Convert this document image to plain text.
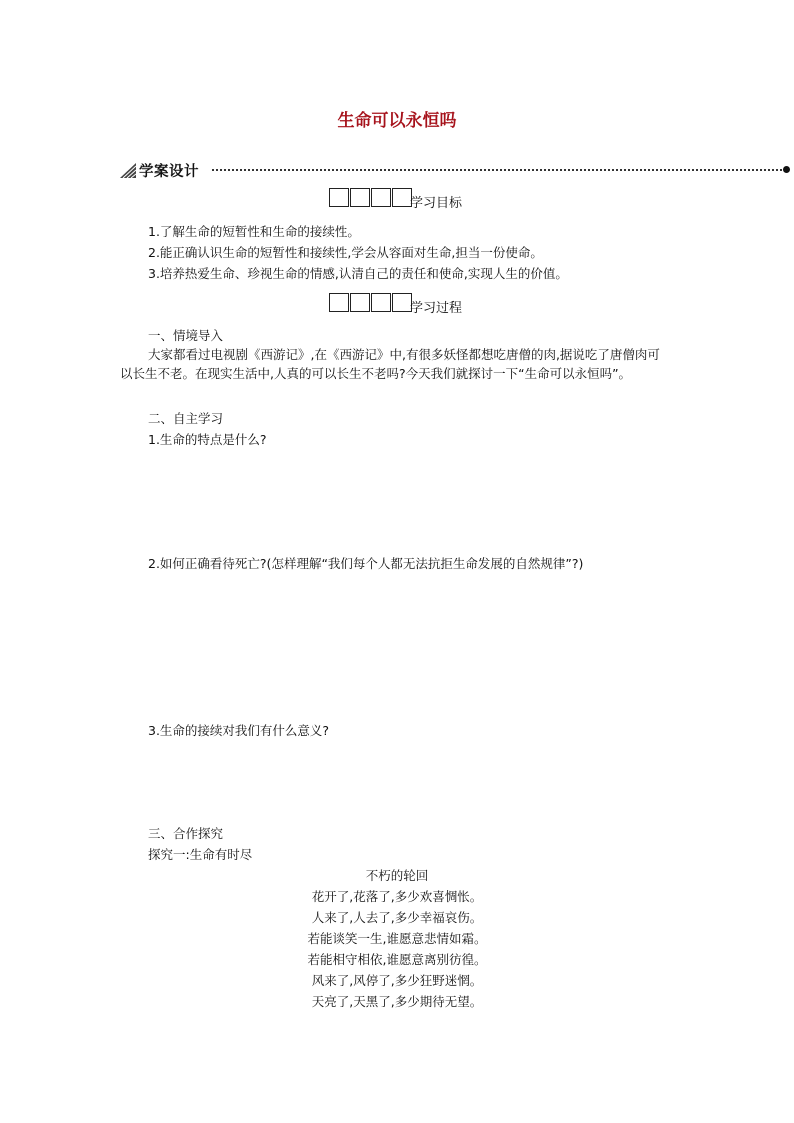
生命可以永恒吗
学案设计
学习目标
1.了解生命的短暂性和生命的接续性。
2.能正确认识生命的短暂性和接续性,学会从容面对生命,担当一份使命。
3.培养热爱生命、珍视生命的情感,认清自己的责任和使命,实现人生的价值。
学习过程
一、情境导入
大家都看过电视剧《西游记》,在《西游记》中,有很多妖怪都想吃唐僧的肉,据说吃了唐僧肉可以长生不老。在现实生活中,人真的可以长生不老吗?今天我们就探讨一下“生命可以永恒吗”。
二、自主学习
1.生命的特点是什么?
2.如何正确看待死亡?(怎样理解“我们每个人都无法抗拒生命发展的自然规律”?)
3.生命的接续对我们有什么意义?
三、合作探究
探究一:生命有时尽
不朽的轮回
花开了,花落了,多少欢喜惆怅。
人来了,人去了,多少幸福哀伤。
若能谈笑一生,谁愿意悲情如霜。
若能相守相依,谁愿意离别彷徨。
风来了,风停了,多少狂野迷惘。
天亮了,天黑了,多少期待无望。
